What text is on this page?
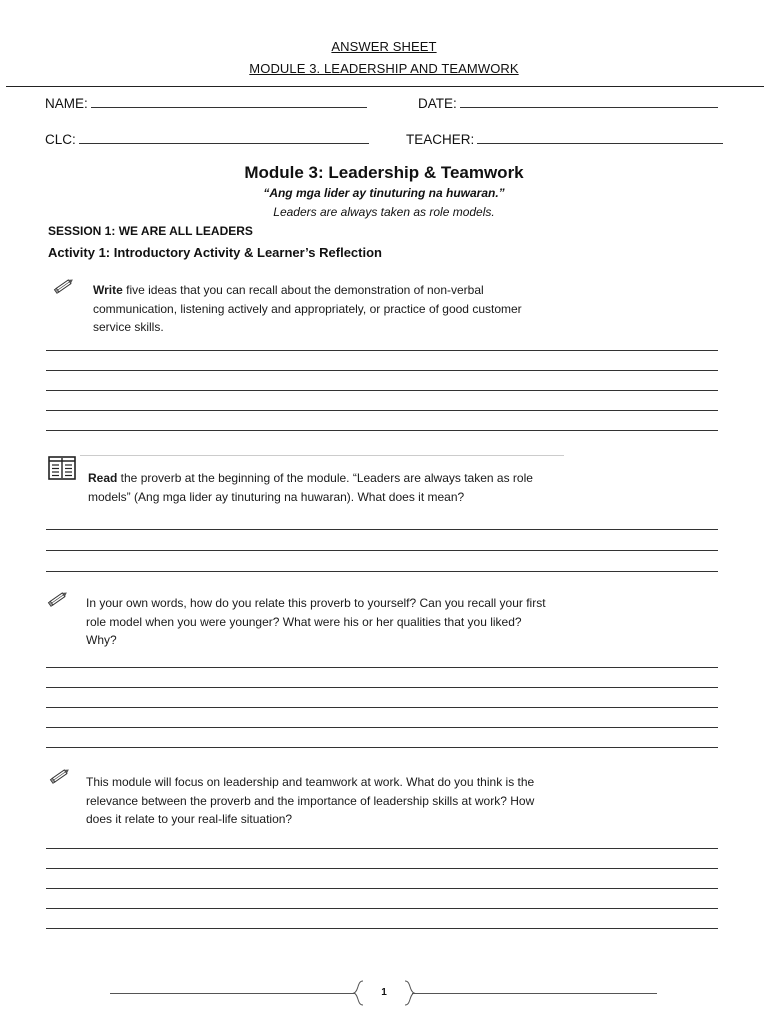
ANSWER SHEET
MODULE 3. LEADERSHIP AND TEAMWORK
NAME:	DATE:
CLC:	TEACHER:
Module 3: Leadership & Teamwork
“Ang mga lider ay tinuturing na huwaran.”
Leaders are always taken as role models.
SESSION 1: WE ARE ALL LEADERS
Activity 1: Introductory Activity & Learner’s Reflection
Write five ideas that you can recall about the demonstration of non-verbal
communication, listening actively and appropriately, or practice of good customer
service skills.
Read the proverb at the beginning of the module. “Leaders are always taken as role
models” (Ang mga lider ay tinuturing na huwaran). What does it mean?
In your own words, how do you relate this proverb to yourself? Can you recall your first
role model when you were younger? What were his or her qualities that you liked?
Why?
This module will focus on leadership and teamwork at work. What do you think is the
relevance between the proverb and the importance of leadership skills at work? How
does it relate to your real-life situation?
1
